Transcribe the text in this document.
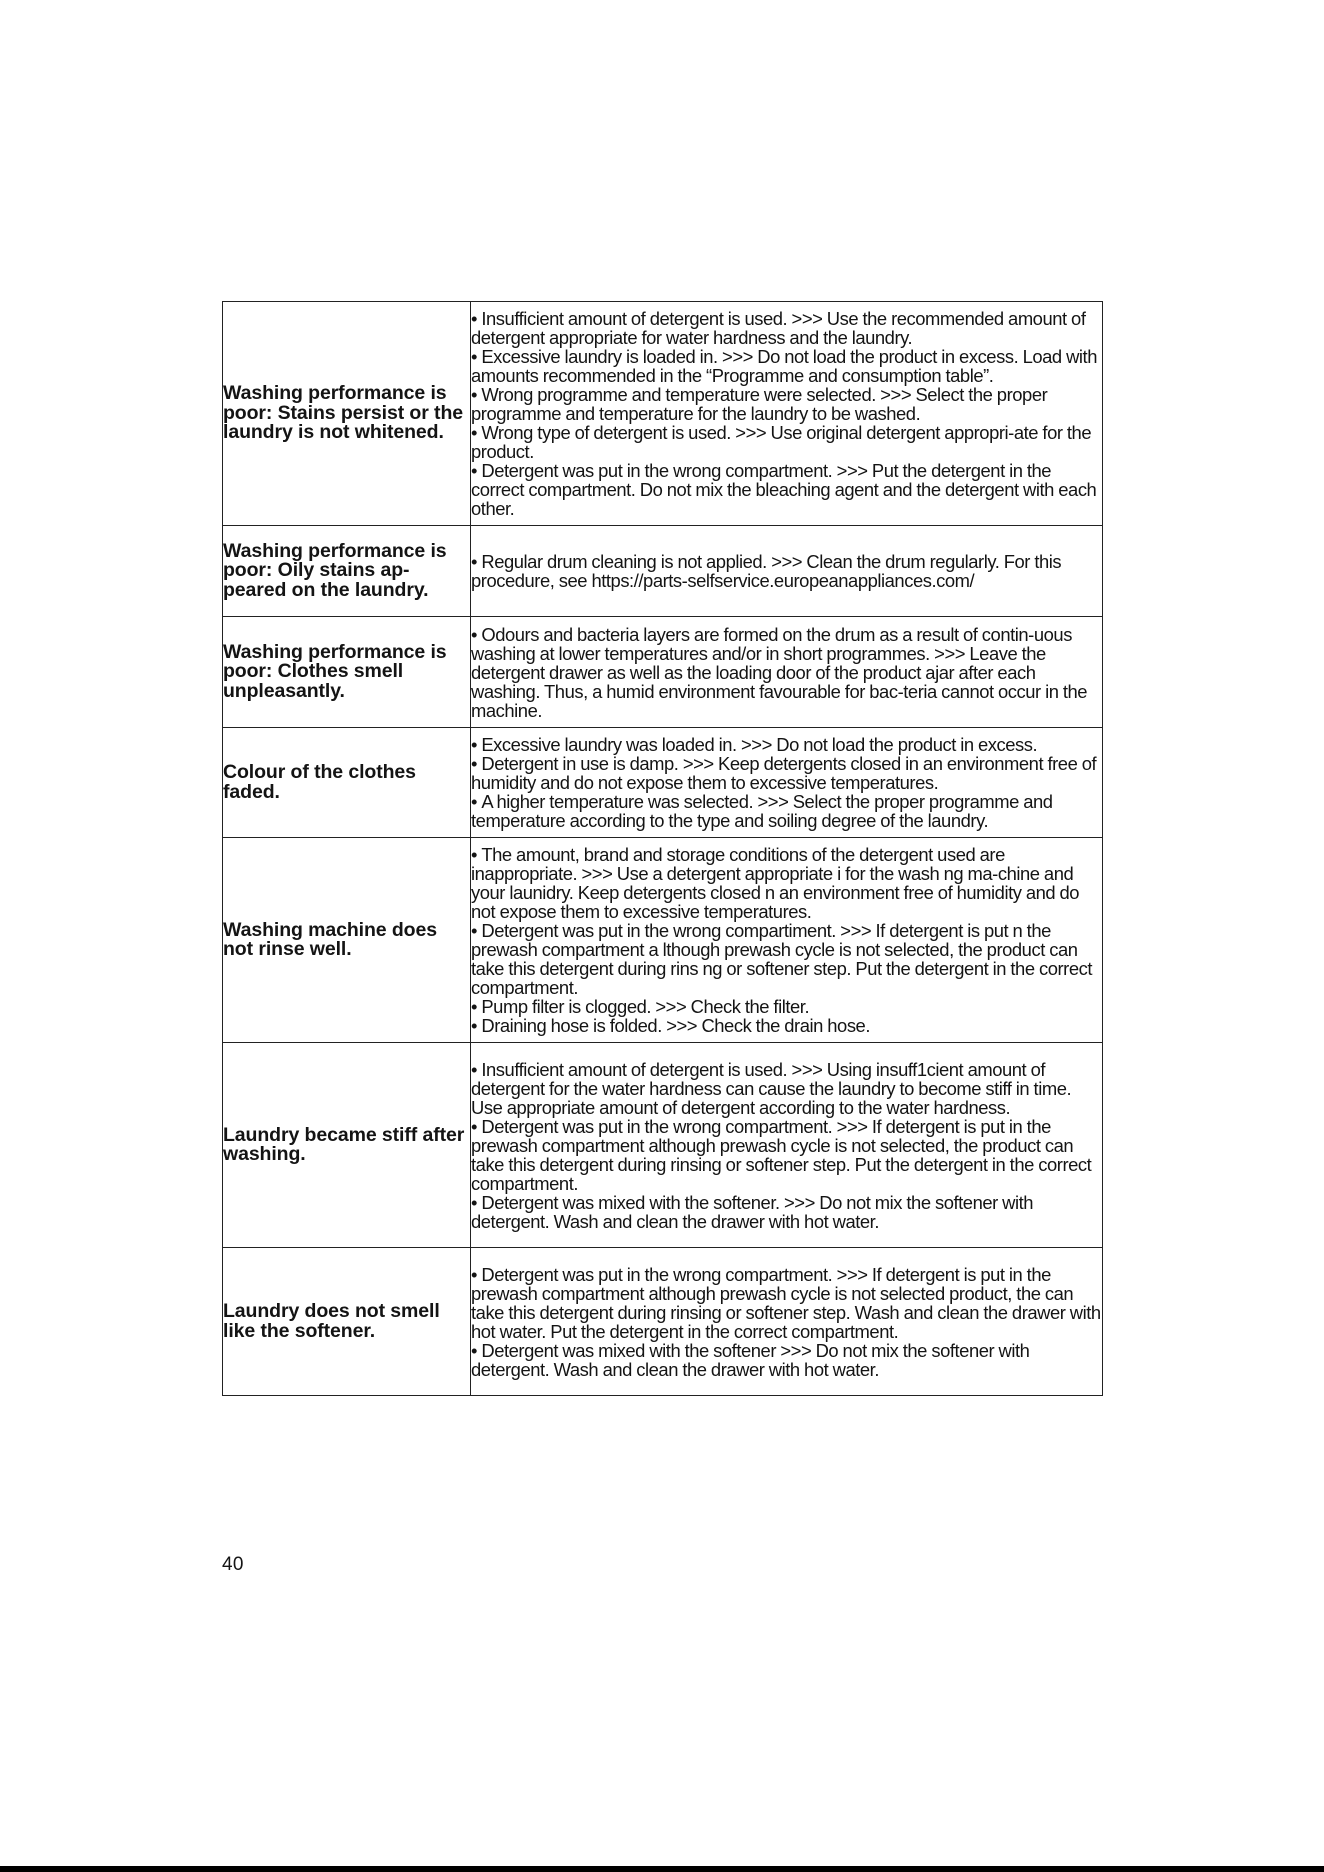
Washing performance is poor: Stains persist or the laundry is not whitened.	• Insufficient amount of detergent is used. >>> Use the recommended amount of detergent appropriate for water hardness and the laundry.
• Excessive laundry is loaded in. >>> Do not load the product in excess. Load with amounts recommended in the “Programme and consumption table”.
• Wrong programme and temperature were selected. >>> Select the proper programme and temperature for the laundry to be washed.
• Wrong type of detergent is used. >>> Use original detergent appropri-ate for the product.
• Detergent was put in the wrong compartment. >>> Put the detergent in the correct compartment. Do not mix the bleaching agent and the detergent with each other.

Washing performance is poor: Oily stains ap-peared on the laundry.	• Regular drum cleaning is not applied. >>> Clean the drum regularly. For this procedure, see https://parts-selfservice.europeanappliances.com/

Washing performance is poor: Clothes smell unpleasantly.	• Odours and bacteria layers are formed on the drum as a result of contin-uous washing at lower temperatures and/or in short programmes. >>> Leave the detergent drawer as well as the loading door of the product ajar after each washing. Thus, a humid environment favourable for bac-teria cannot occur in the machine.

Colour of the clothes faded.	• Excessive laundry was loaded in. >>> Do not load the product in excess.
• Detergent in use is damp. >>> Keep detergents closed in an environment free of humidity and do not expose them to excessive temperatures.
• A higher temperature was selected. >>> Select the proper programme and temperature according to the type and soiling degree of the laundry.

Washing machine does not rinse well.	• The amount, brand and storage conditions of the detergent used are inappropriate. >>> Use a detergent appropriate i for the wash ng ma-chine and your launidry. Keep detergents closed n an environment free of humidity and do not expose them to excessive temperatures.
• Detergent was put in the wrong compartiment. >>> If detergent is put n the prewash compartment a lthough prewash cycle is not selected, the product can take this detergent during rins ng or softener step. Put the detergent in the correct compartment.
• Pump filter is clogged. >>> Check the filter.
• Draining hose is folded. >>> Check the drain hose.

Laundry became stiff after washing.	• Insufficient amount of detergent is used. >>> Using insuff1cient amount of detergent for the water hardness can cause the laundry to become stiff in time. Use appropriate amount of detergent according to the water hardness.
• Detergent was put in the wrong compartment. >>> If detergent is put in the prewash compartment although prewash cycle is not selected, the product can take this detergent during rinsing or softener step. Put the detergent in the correct compartment.
• Detergent was mixed with the softener. >>> Do not mix the softener with detergent. Wash and clean the drawer with hot water.

Laundry does not smell like the softener.	• Detergent was put in the wrong compartment. >>> If detergent is put in the prewash compartment although prewash cycle is not selected product, the can take this detergent during rinsing or softener step. Wash and clean the drawer with hot water. Put the detergent in the correct compartment.
• Detergent was mixed with the softener >>> Do not mix the softener with detergent. Wash and clean the drawer with hot water.
40
